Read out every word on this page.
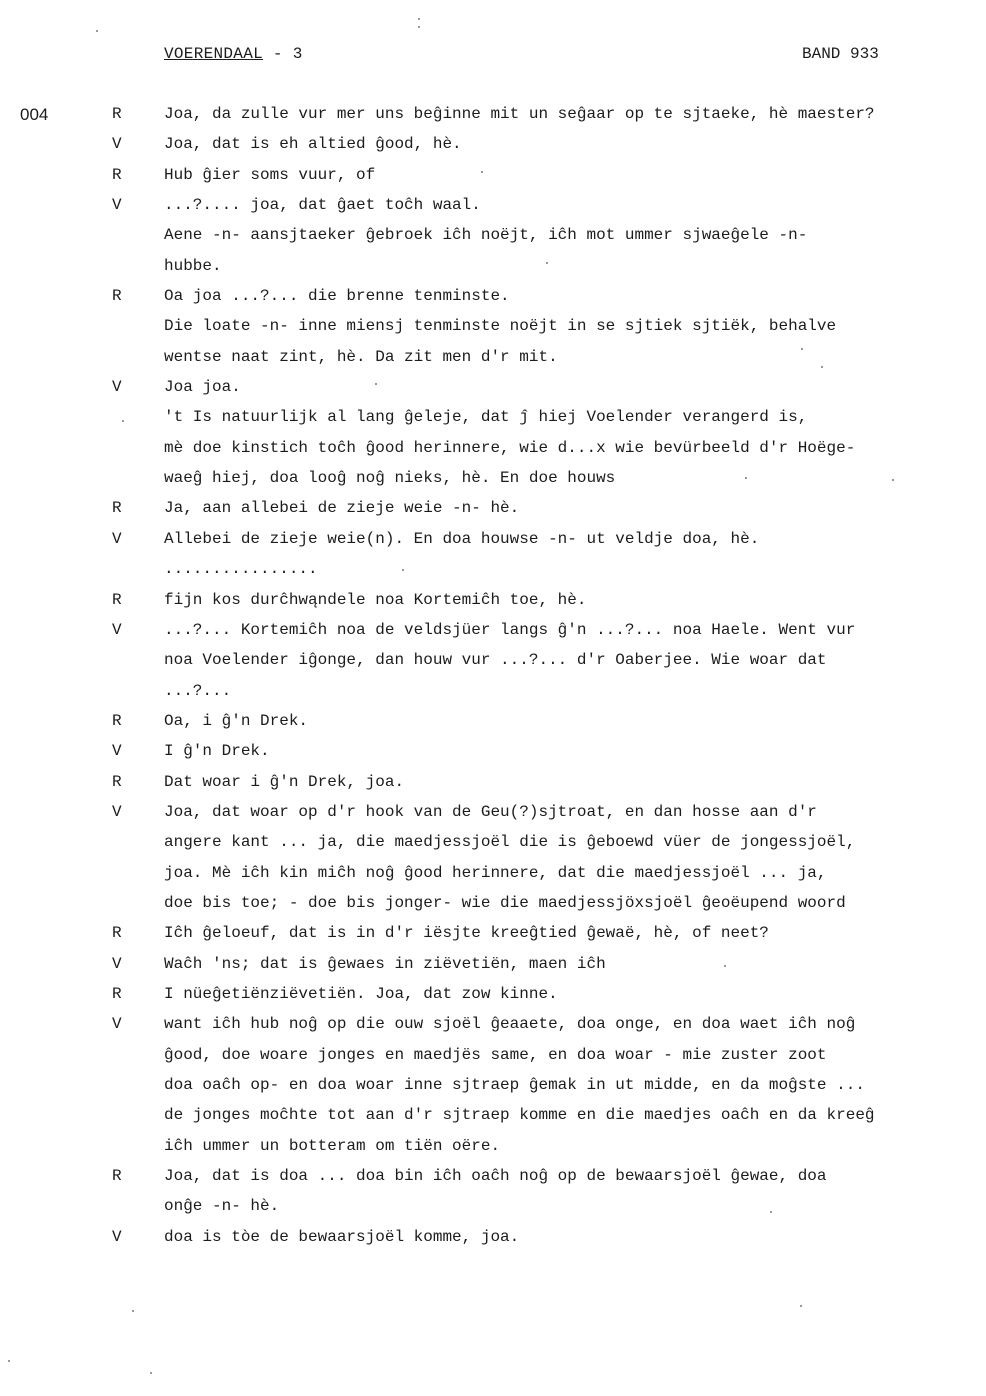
VOERENDAAL - 3	BAND 933
004	R	Joa, da zulle vur mer uns beĝinne mit un seĝaar op te sjtaeke, hè maester?
V	Joa, dat is eh altied ĝood, hè.
R	Hub ĝier soms vuur, of
V	...?.... joa, dat ĝaet toĉh waal.
Aene -n- aansjtaeker ĝebroek iĉh noëjt, iĉh mot ummer sjwaeĝele -n-
hubbe.
R	Oa joa ...?... die brenne tenminste.
Die loate -n- inne miensj tenminste noëjt in se sjtiek sjtiëk, behalve
wentse naat zint, hè. Da zit men d'r mit.
V	Joa joa.
't Is natuurlijk al lang ĝeleje, dat ĵ hiej Voelender verangerd is,
mè doe kinstich toĉh ĝood herinnere, wie d...x wie bevürbeeld d'r Hoëge-
waeĝ hiej, doa looĝ noĝ nieks, hè. En doe houws
R	Ja, aan allebei de zieje weie -n- hè.
V	Allebei de zieje weie(n). En doa houwse -n- ut veldje doa, hè.
................
R	fijn kos durĉhwąndele noa Kortemiĉh toe, hè.
V	...?... Kortemiĉh noa de veldsjüer langs ĝ'n ...?... noa Haele. Went vur
noa Voelender iĝonge, dan houw vur ...?... d'r Oaberjee. Wie woar dat
...?...
R	Oa, i ĝ'n Drek.
V	I ĝ'n Drek.
R	Dat woar i ĝ'n Drek, joa.
V	Joa, dat woar op d'r hook van de Geu(?)sjtroat, en dan hosse aan d'r
angere kant ... ja, die maedjessjoël die is ĝeboewd vüer de jongessjoël,
joa. Mè iĉh kin miĉh noĝ ĝood herinnere, dat die maedjessjoël ... ja,
doe bis toe; - doe bis jonger- wie die maedjessjöxsjoël ĝeoëupend woord
R	Iĉh ĝeloeuf, dat is in d'r iësjte kreeĝtied ĝewaë, hè, of neet?
V	Waĉh 'ns; dat is ĝewaes in ziëvetiën, maen iĉh
R	I nüeĝetiënziëvetiën. Joa, dat zow kinne.
V	want iĉh hub noĝ op die ouw sjoël ĝeaaete, doa onge, en doa waet iĉh noĝ
ĝood, doe woare jonges en maedjës same, en doa woar - mie zuster zoot
doa oaĉh op- en doa woar inne sjtraep ĝemak in ut midde, en da moĝste ...
de jonges moĉhte tot aan d'r sjtraep komme en die maedjes oaĉh en da kreeĝ
iĉh ummer un botteram om tiën oëre.
R	Joa, dat is doa ... doa bin iĉh oaĉh noĝ op de bewaarsjoël ĝewae, doa
onĝe -n- hè.
V	doa is tòe de bewaarsjoël komme, joa.
